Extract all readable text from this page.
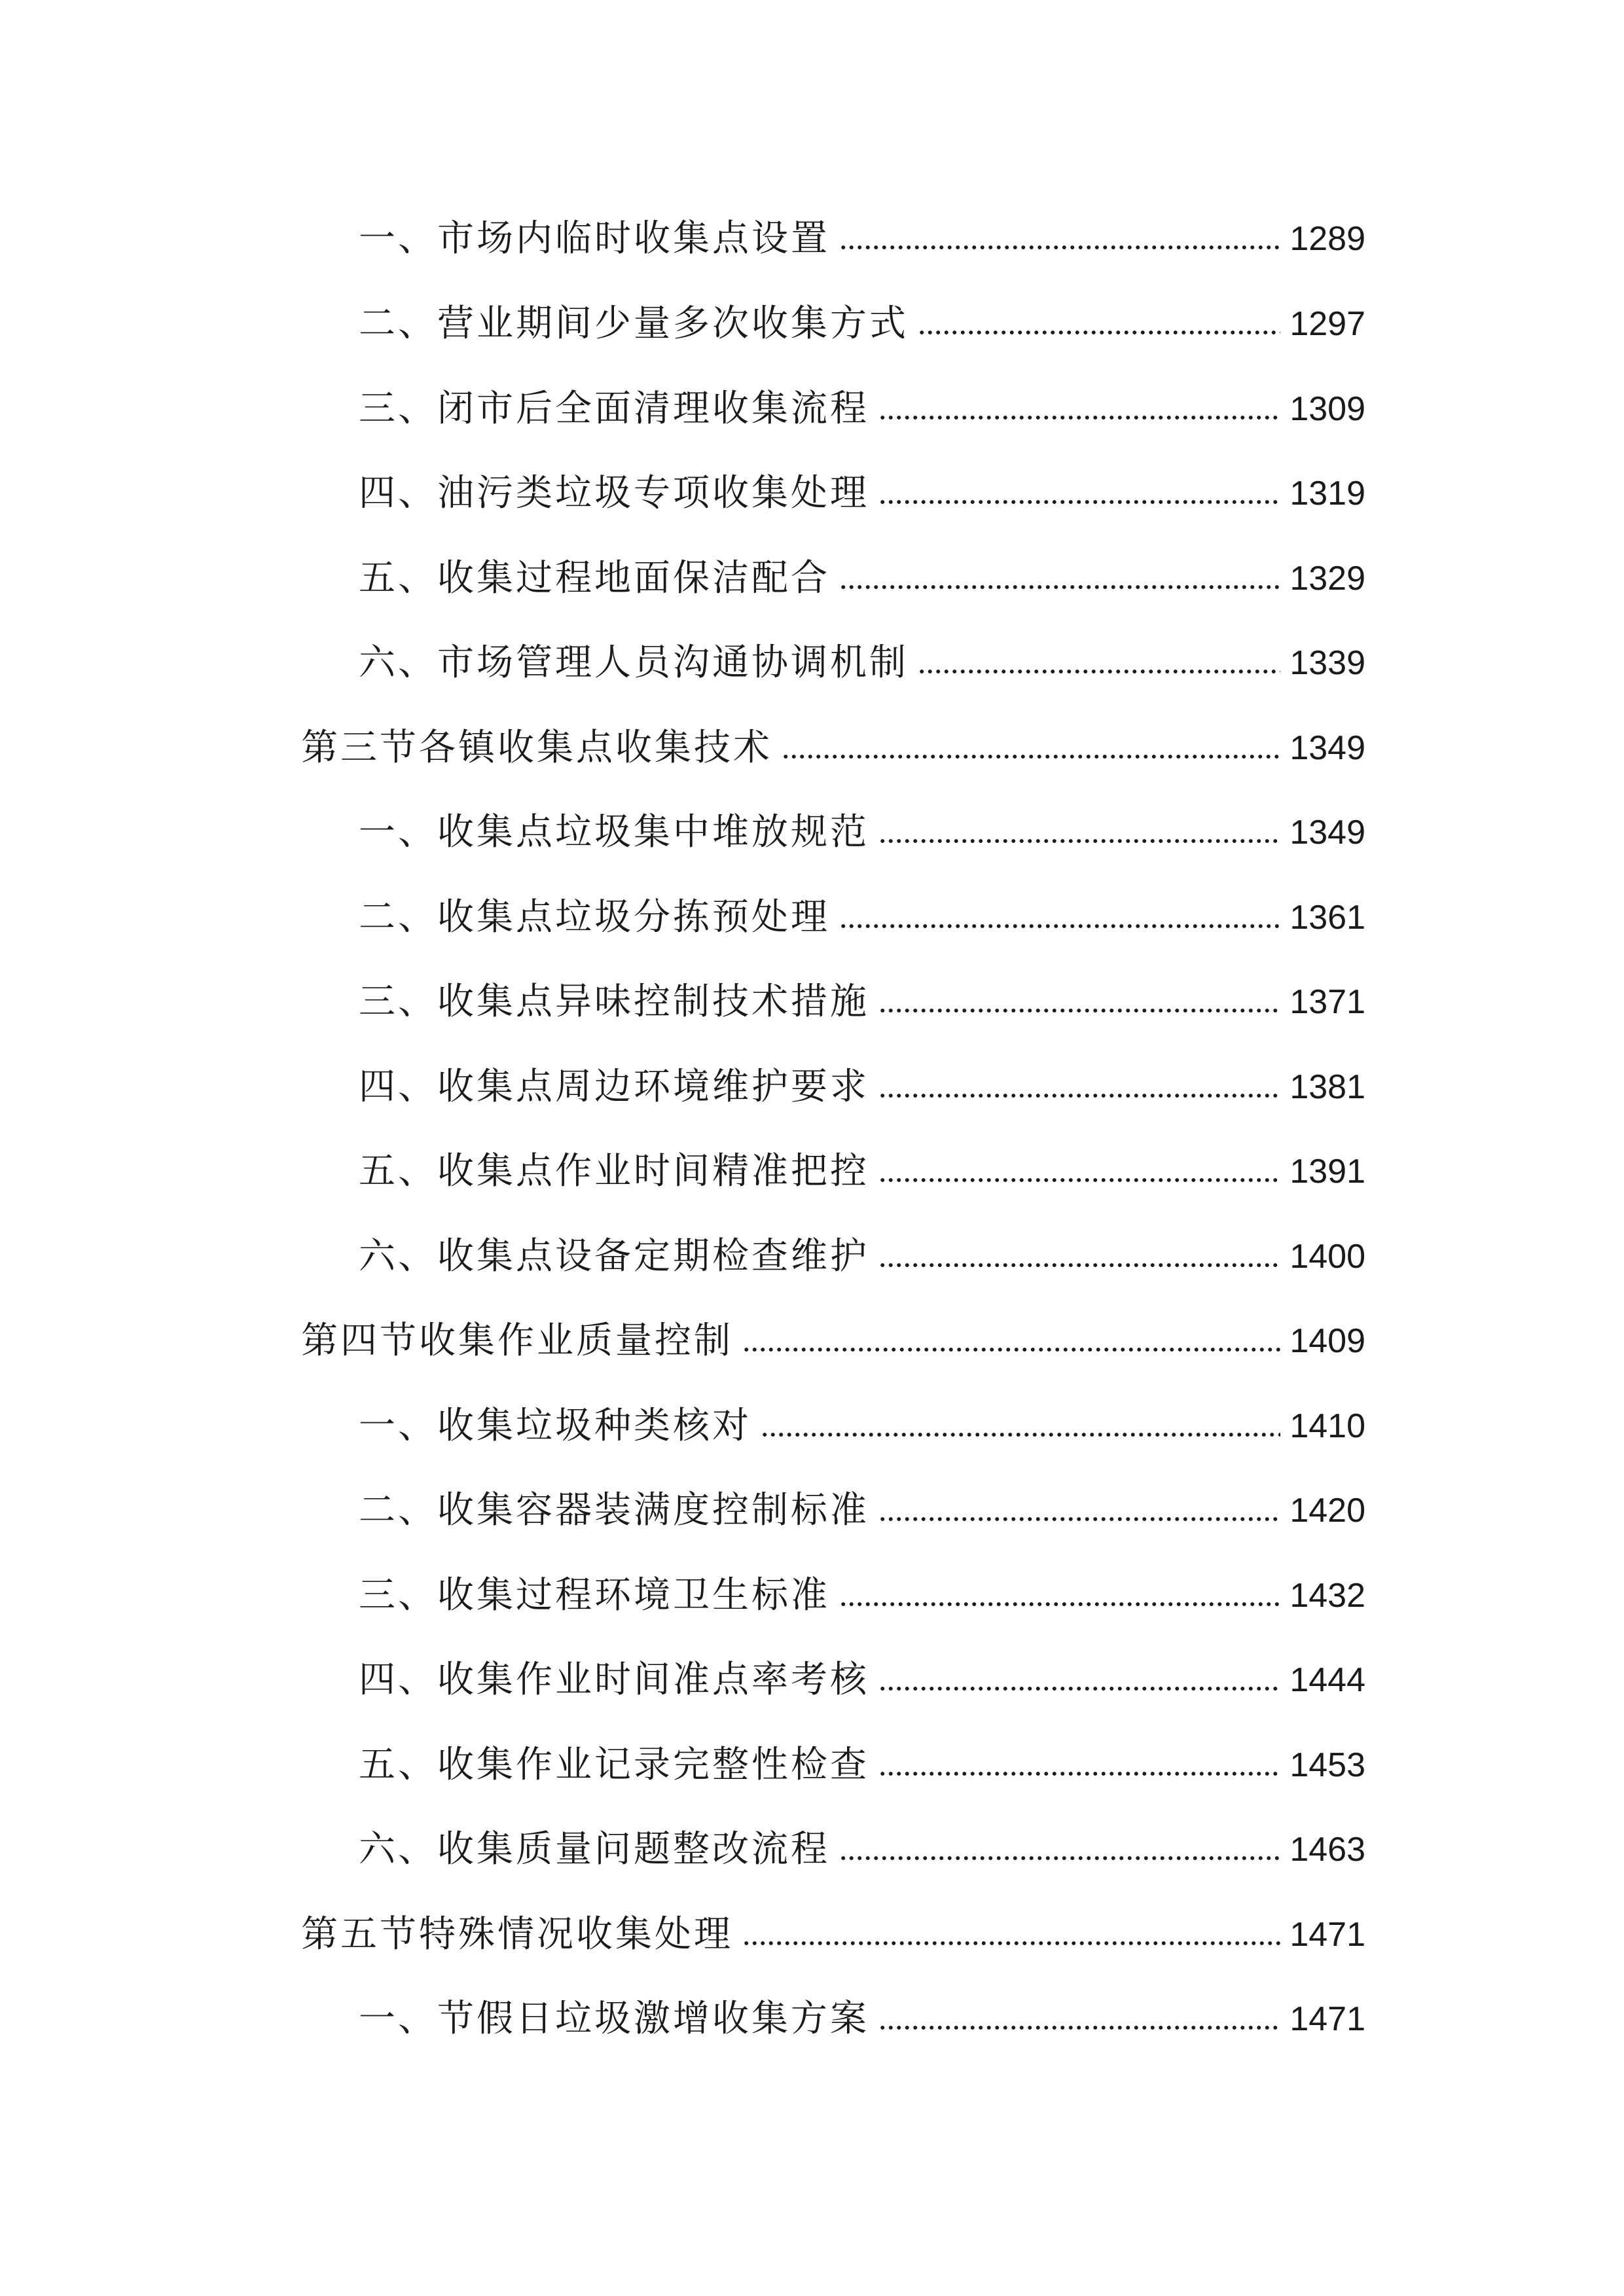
一、市场内临时收集点设置	1289
二、营业期间少量多次收集方式	1297
三、闭市后全面清理收集流程	1309
四、油污类垃圾专项收集处理	1319
五、收集过程地面保洁配合	1329
六、市场管理人员沟通协调机制	1339
第三节各镇收集点收集技术	1349
一、收集点垃圾集中堆放规范	1349
二、收集点垃圾分拣预处理	1361
三、收集点异味控制技术措施	1371
四、收集点周边环境维护要求	1381
五、收集点作业时间精准把控	1391
六、收集点设备定期检查维护	1400
第四节收集作业质量控制	1409
一、收集垃圾种类核对	1410
二、收集容器装满度控制标准	1420
三、收集过程环境卫生标准	1432
四、收集作业时间准点率考核	1444
五、收集作业记录完整性检查	1453
六、收集质量问题整改流程	1463
第五节特殊情况收集处理	1471
一、节假日垃圾激增收集方案	1471
